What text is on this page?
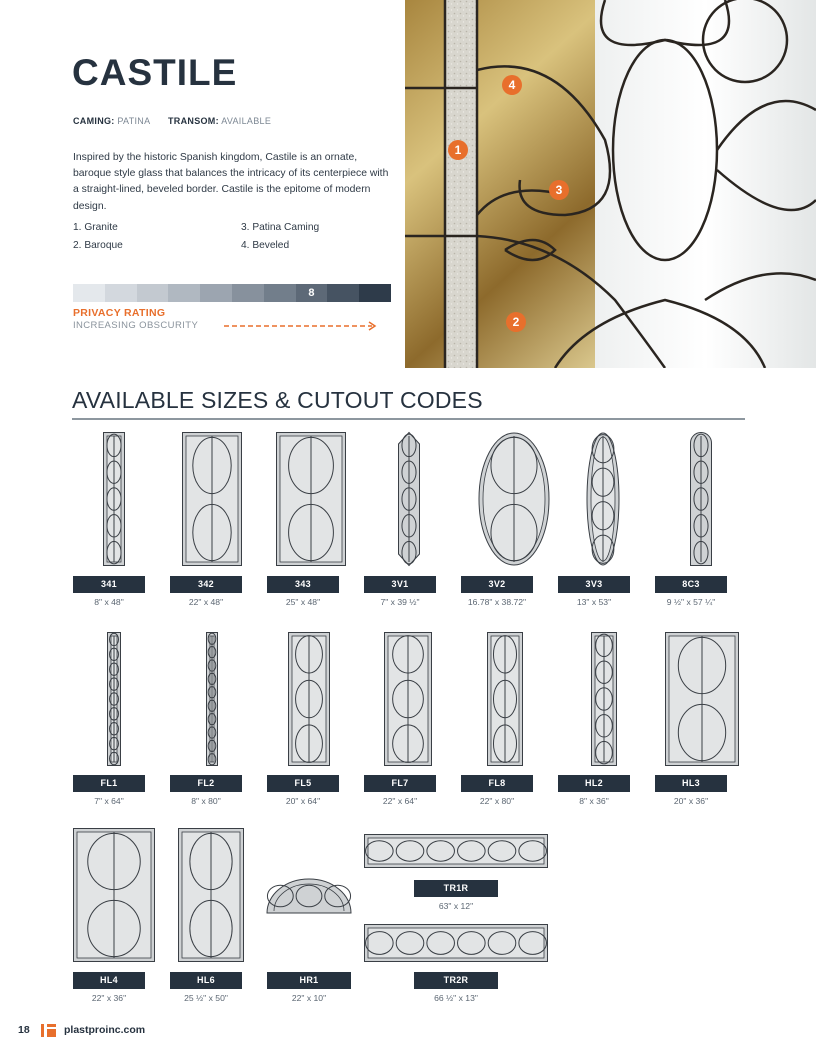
CASTILE
CAMING: PATINA TRANSOM: AVAILABLE
Inspired by the historic Spanish kingdom, Castile is an ornate, baroque style glass that balances the intricacy of its centerpiece with a straight-lined, beveled border. Castile is the epitome of modern design.
1. Granite
2. Baroque
3. Patina Caming
4. Beveled
8
PRIVACY RATING
INCREASING OBSCURITY
1
2
3
4
AVAILABLE SIZES & CUTOUT CODES
341
8" x 48"
342
22" x 48"
343
25" x 48"
3V1
7" x 39 ½"
3V2
16.78" x 38.72"
3V3
13" x 53"
8C3
9 ½" x 57 ¼"
FL1
7" x 64"
FL2
8" x 80"
FL5
20" x 64"
FL7
22" x 64"
FL8
22" x 80"
HL2
8" x 36"
HL3
20" x 36"
HL4
22" x 36"
HL6
25 ½" x 50"
HR1
22" x 10"
TR1R
63" x 12"
TR2R
66 ½" x 13"
18	plastproinc.com
